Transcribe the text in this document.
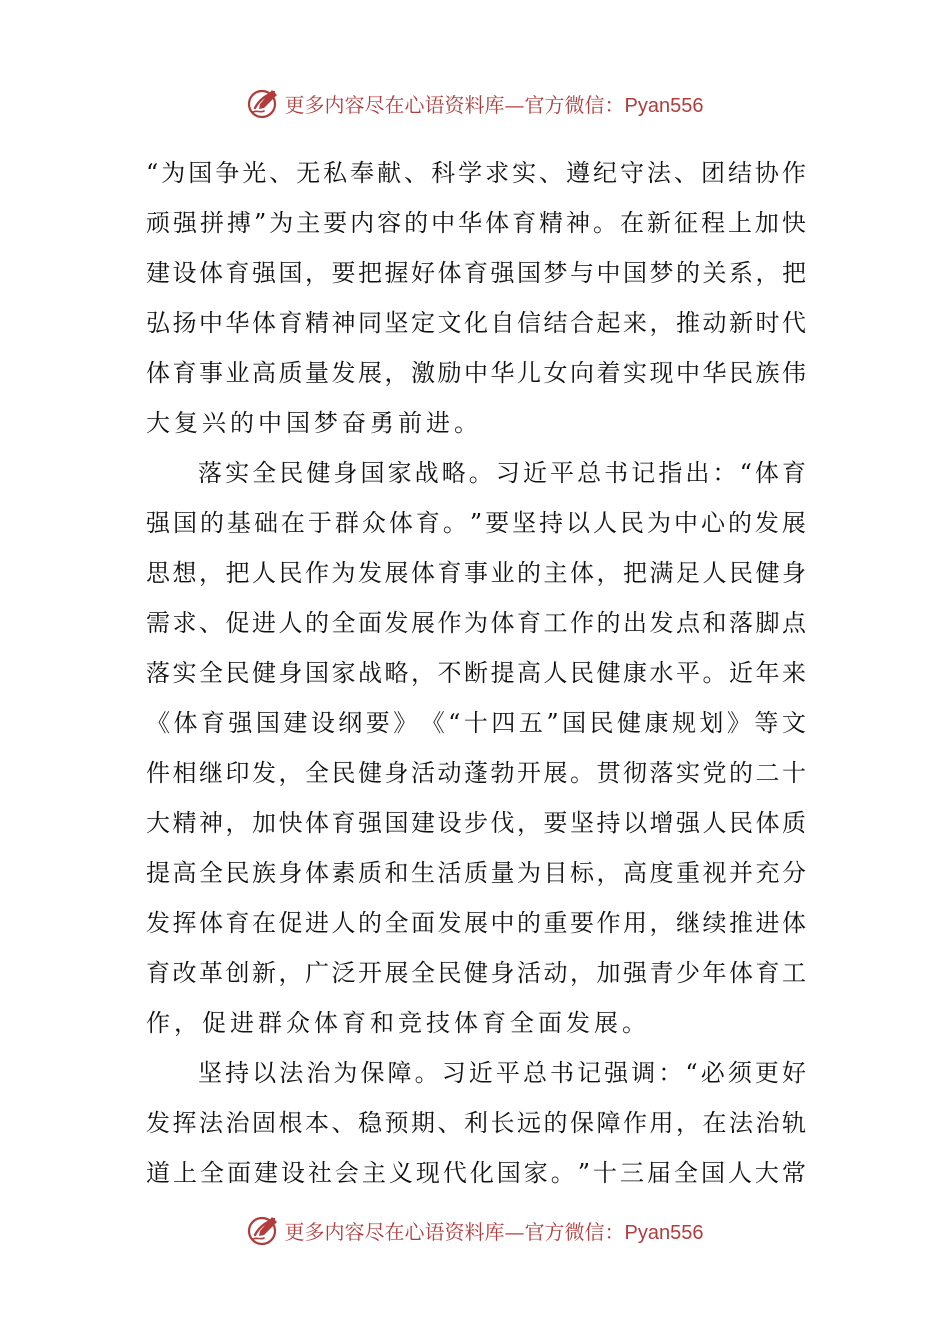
更多内容尽在心语资料库—官方微信：Pyan556
“ 为 国 争 光 、 无 私 奉 献 、 科 学 求 实 、 遵 纪 守 法 、 团 结 协 作
顽 强 拼 搏 ” 为 主 要 内 容 的 中 华 体 育 精 神 。 在 新 征 程 上 加 快
建 设 体 育 强 国 ， 要 把 握 好 体 育 强 国 梦 与 中 国 梦 的 关 系 ， 把
弘 扬 中 华 体 育 精 神 同 坚 定 文 化 自 信 结 合 起 来 ， 推 动 新 时 代
体 育 事 业 高 质 量 发 展 ， 激 励 中 华 儿 女 向 着 实 现 中 华 民 族 伟
大复兴的中国梦奋勇前进。
落 实 全 民 健 身 国 家 战 略 。 习 近 平 总 书 记 指 出 ： “ 体 育
强 国 的 基 础 在 于 群 众 体 育 。 ” 要 坚 持 以 人 民 为 中 心 的 发 展
思 想 ， 把 人 民 作 为 发 展 体 育 事 业 的 主 体 ， 把 满 足 人 民 健 身
需 求 、 促 进 人 的 全 面 发 展 作 为 体 育 工 作 的 出 发 点 和 落 脚 点
落 实 全 民 健 身 国 家 战 略 ， 不 断 提 高 人 民 健 康 水 平 。 近 年 来
《 体 育 强 国 建 设 纲 要 》 《 “ 十 四 五 ” 国 民 健 康 规 划 》 等 文
件 相 继 印 发 ， 全 民 健 身 活 动 蓬 勃 开 展 。 贯 彻 落 实 党 的 二 十
大 精 神 ， 加 快 体 育 强 国 建 设 步 伐 ， 要 坚 持 以 增 强 人 民 体 质
提 高 全 民 族 身 体 素 质 和 生 活 质 量 为 目 标 ， 高 度 重 视 并 充 分
发 挥 体 育 在 促 进 人 的 全 面 发 展 中 的 重 要 作 用 ， 继 续 推 进 体
育 改 革 创 新 ， 广 泛 开 展 全 民 健 身 活 动 ， 加 强 青 少 年 体 育 工
作，促进群众体育和竞技体育全面发展。
坚 持 以 法 治 为 保 障 。 习 近 平 总 书 记 强 调 ： “ 必 须 更 好
发 挥 法 治 固 根 本 、 稳 预 期 、 利 长 远 的 保 障 作 用 ， 在 法 治 轨
道 上 全 面 建 设 社 会 主 义 现 代 化 国 家 。 ” 十 三 届 全 国 人 大 常
更多内容尽在心语资料库—官方微信：Pyan556
